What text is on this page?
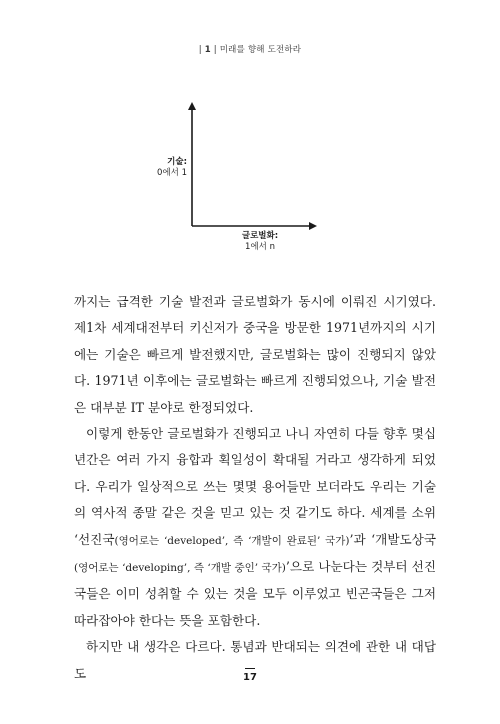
| 1 | 미래를 향해 도전하라
기술:
0에서 1
글로벌화:
1에서 n

까지는 급격한 기술 발전과 글로벌화가 동시에 이뤄진 시기였다. 제1차 세계대전부터 키신저가 중국을 방문한 1971년까지의 시기에는 기술은 빠르게 발전했지만, 글로벌화는 많이 진행되지 않았다. 1971년 이후에는 글로벌화는 빠르게 진행되었으나, 기술 발전은 대부분 IT 분야로 한정되었다.

이렇게 한동안 글로벌화가 진행되고 나니 자연히 다들 향후 몇십 년간은 여러 가지 융합과 획일성이 확대될 거라고 생각하게 되었다. 우리가 일상적으로 쓰는 몇몇 용어들만 보더라도 우리는 기술의 역사적 종말 같은 것을 믿고 있는 것 같기도 하다. 세계를 소위 ‘선진국(영어로는 ‘developed’, 즉 ‘개발이 완료된’ 국가)’과 ‘개발도상국(영어로는 ‘developing’, 즉 ‘개발 중인’ 국가)’으로 나눈다는 것부터 선진국들은 이미 성취할 수 있는 것을 모두 이루었고 빈곤국들은 그저 따라잡아야 한다는 뜻을 포함한다.

하지만 내 생각은 다르다. 통념과 반대되는 의견에 관한 내 대답도	17
